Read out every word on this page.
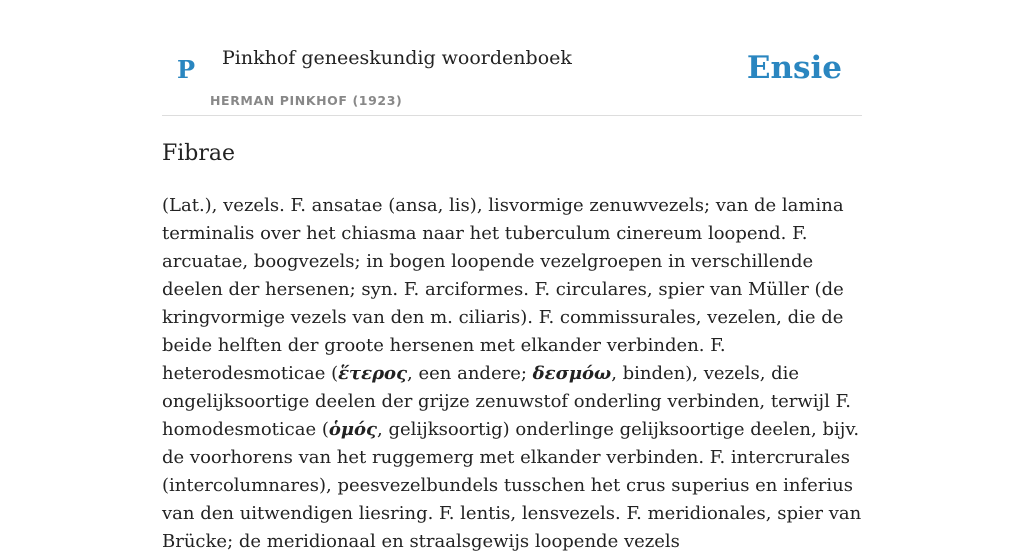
P Pinkhof geneeskundig woordenboek
HERMAN PINKHOF (1923)
Ensie
Fibrae
(Lat.), vezels. F. ansatae (ansa, lis), lisvormige zenuwvezels; van de lamina terminalis over het chiasma naar het tuberculum cinereum loopend. F. arcuatae, boogvezels; in bogen loopende vezelgroepen in verschillende deelen der hersenen; syn. F. arciformes. F. circulares, spier van Müller (de kringvormige vezels van den m. ciliaris). F. commissurales, vezelen, die de beide helften der groote hersenen met elkander verbinden. F. heterodesmoticae (ἕτερος, een andere; δεσμόω, binden), vezels, die ongelijksoortige deelen der grijze zenuwstof onderling verbinden, terwijl F. homodesmoticae (ὁμός, gelijksoortig) onderlinge gelijksoortige deelen, bijv. de voorhorens van het ruggemerg met elkander verbinden. F. intercrurales (intercolumnares), peesvezelbundels tusschen het crus superius en inferius van den uitwendigen liesring. F. lentis, lensvezels. F. meridionales, spier van Brücke; de meridionaal en straalsgewijs loopende vezels
